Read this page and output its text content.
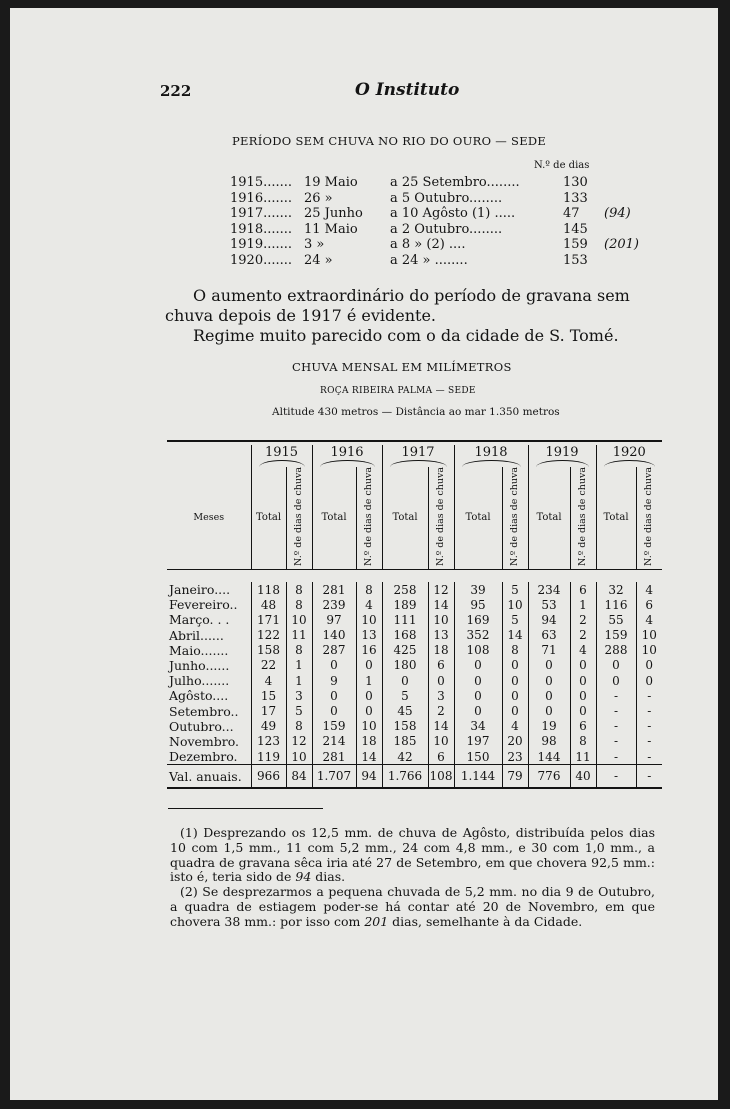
222	O Instituto
PERÍODO SEM CHUVA NO RIO DO OURO — SEDE
N.º de dias
1915....... 19 Maio a 25 Setembro........	130
1916....... 26 »	a 5 Outubro........	133
1917....... 25 Junho a 10 Agôsto (1) .....	47 (94)
1918....... 11 Maio a 2 Outubro........	145
1919....... 3 »	a 8 » (2) ....	159 (201)
1920....... 24 »	a 24 » ........	153

O aumento extraordinário do período de gravana sem chuva depois de 1917 é evidente.

Regime muito parecido com o da cidade de S. Tomé.

CHUVA MENSAL EM MILÍMETROS
ROÇA RIBEIRA PALMA — SEDE
Altitude 430 metros — Distância ao mar 1.350 metros

	1915		1916		1917		1918		1919		1920	

Meses	Total	N.º de dias de chuva	Total	N.º de dias de chuva	Total	N.º de dias de chuva	Total	N.º de dias de chuva	Total	N.º de dias de chuva	Total	N.º de dias de chuva

Janeiro....	118	8	281	8	258	12	39	5	234	6	32	4
Fevereiro..	48	8	239	4	189	14	95	10	53	1	116	6
Março. . .	171	10	97	10	111	10	169	5	94	2	55	4
Abril......	122	11	140	13	168	13	352	14	63	2	159	10
Maio.......	158	8	287	16	425	18	108	8	71	4	288	10
Junho......	22	1	0	0	180	6	0	0	0	0	0	0
Julho.......	4	1	9	1	0	0	0	0	0	0	0	0
Agôsto....	15	3	0	0	5	3	0	0	0	0	-	-
Setembro..	17	5	0	0	45	2	0	0	0	0	-	-
Outubro...	49	8	159	10	158	14	34	4	19	6	-	-
Novembro.	123	12	214	18	185	10	197	20	98	8	-	-
Dezembro.	119	10	281	14	42	6	150	23	144	11	-	-
Val. anuais.	966	84	1.707	94	1.766	108	1.144	79	776	40	-	-

(1) Desprezando os 12,5 mm. de chuva de Agôsto, distribuída pelos dias 10 com 1,5 mm., 11 com 5,2 mm., 24 com 4,8 mm., e 30 com 1,0 mm., a quadra de gravana sêca iria até 27 de Setembro, em que chovera 92,5 mm.: isto é, teria sido de 94 dias.

(2) Se desprezarmos a pequena chuvada de 5,2 mm. no dia 9 de Outubro, a quadra de estiagem poder-se há contar até 20 de Novembro, em que chovera 38 mm.: por isso com 201 dias, semelhante à da Cidade.
